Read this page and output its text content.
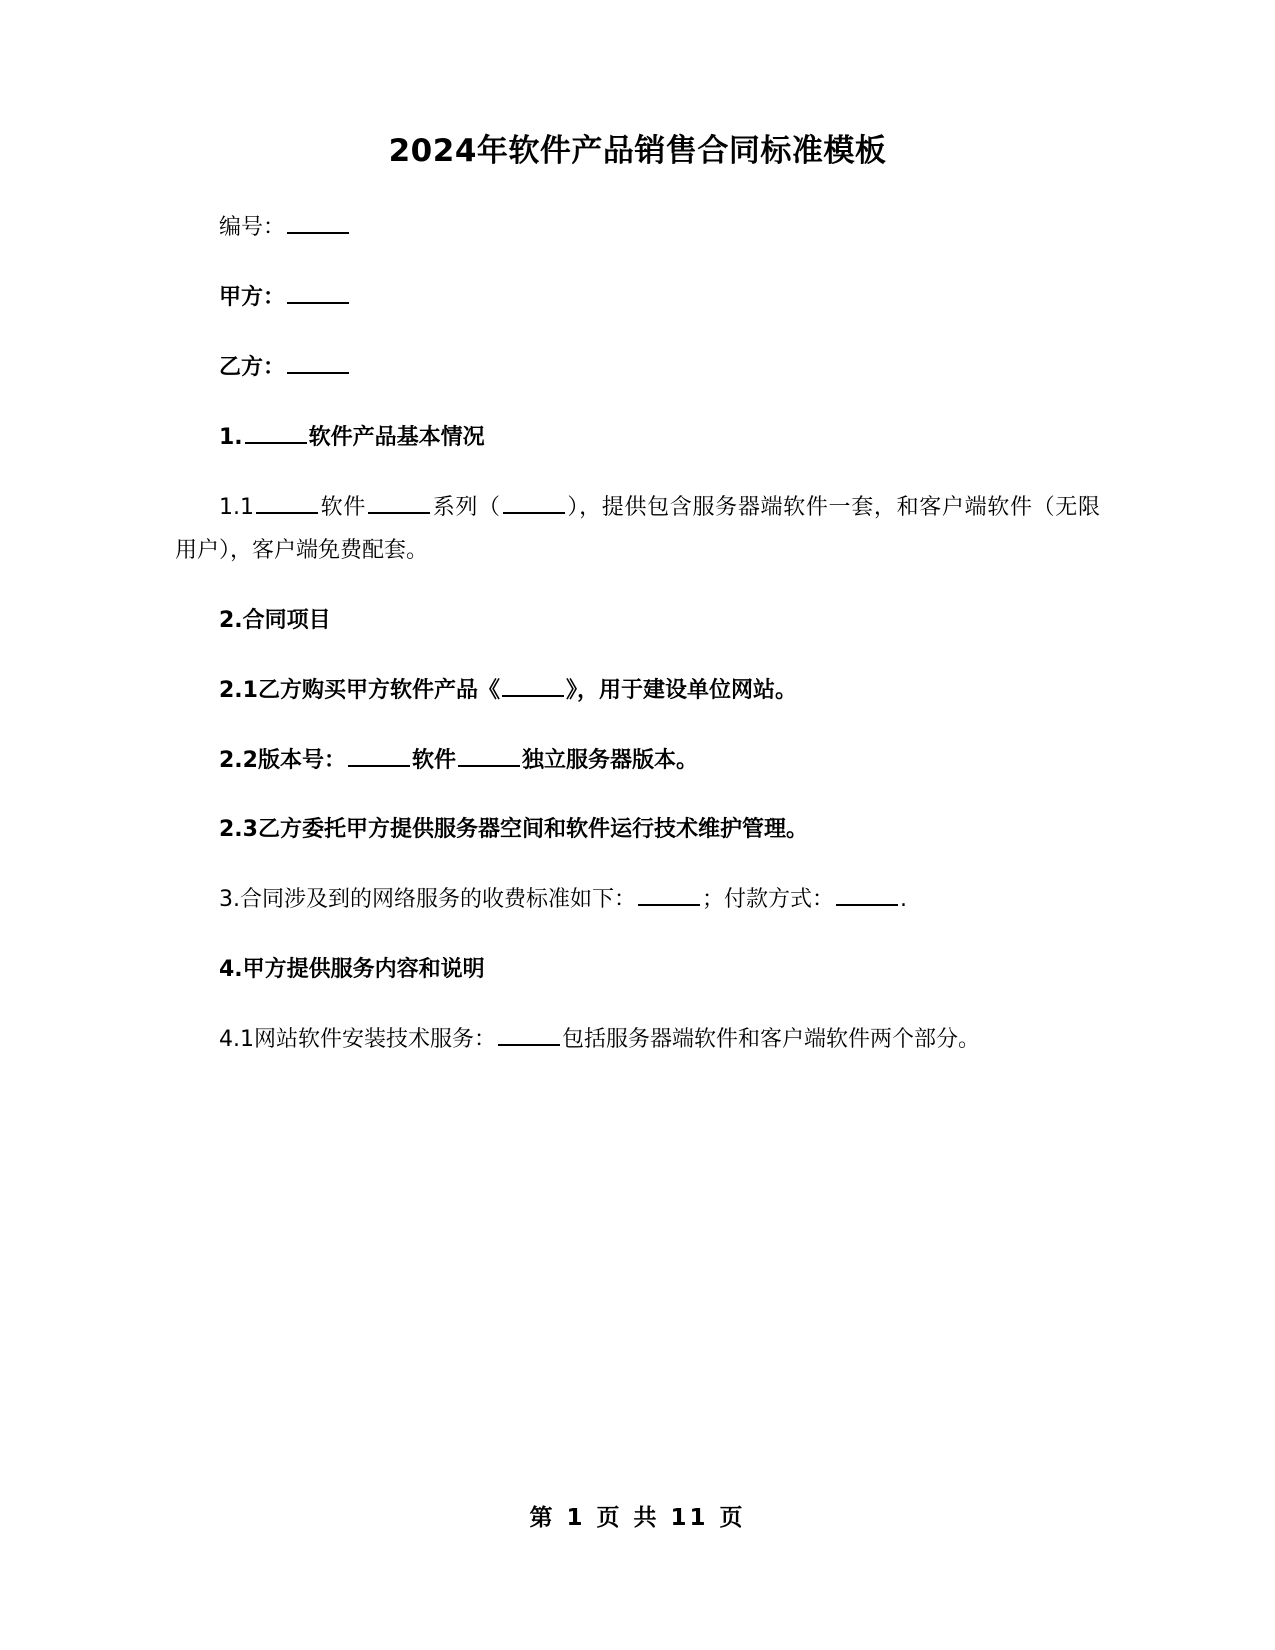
2024年软件产品销售合同标准模板

编号：

甲方：

乙方：

1.	软件产品基本情况

1.1	软件	系列（	），提供包含服务器端软件一套，和客户端软件（无限用户），客户端免费配套。

2.合同项目

2.1乙方购买甲方软件产品《	》，用于建设单位网站。

2.2版本号：	软件	独立服务器版本。

2.3乙方委托甲方提供服务器空间和软件运行技术维护管理。

3.合同涉及到的网络服务的收费标准如下：	；付款方式：	.

4.甲方提供服务内容和说明

4.1网站软件安装技术服务：	包括服务器端软件和客户端软件两个部分。

第 1 页 共 11 页
